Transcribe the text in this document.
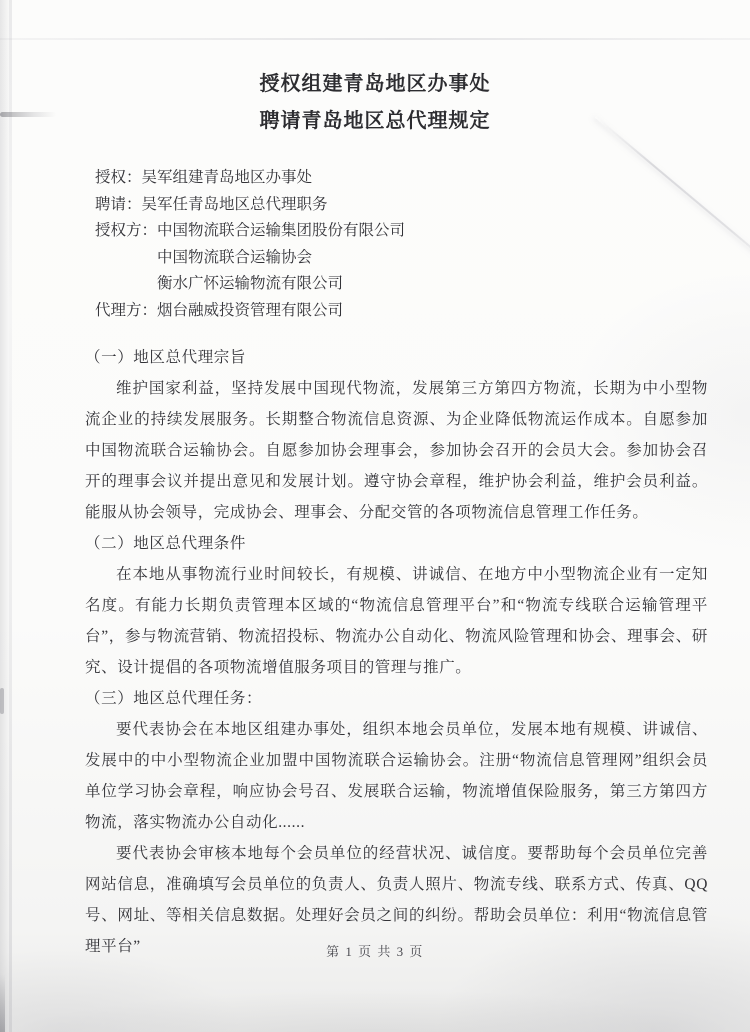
授权组建青岛地区办事处
聘请青岛地区总代理规定
授权：吴军组建青岛地区办事处
聘请：吴军任青岛地区总代理职务
授权方：中国物流联合运输集团股份有限公司
中国物流联合运输协会
衡水广怀运输物流有限公司
代理方：烟台融威投资管理有限公司
（一）地区总代理宗旨

维护国家利益，坚持发展中国现代物流，发展第三方第四方物流，长期为中小型物流企业的持续发展服务。长期整合物流信息资源、为企业降低物流运作成本。自愿参加中国物流联合运输协会。自愿参加协会理事会，参加协会召开的会员大会。参加协会召开的理事会议并提出意见和发展计划。遵守协会章程，维护协会利益，维护会员利益。能服从协会领导，完成协会、理事会、分配交管的各项物流信息管理工作任务。

（二）地区总代理条件

在本地从事物流行业时间较长，有规模、讲诚信、在地方中小型物流企业有一定知名度。有能力长期负责管理本区域的“物流信息管理平台”和“物流专线联合运输管理平台”，参与物流营销、物流招投标、物流办公自动化、物流风险管理和协会、理事会、研究、设计提倡的各项物流增值服务项目的管理与推广。

（三）地区总代理任务：

要代表协会在本地区组建办事处，组织本地会员单位，发展本地有规模、讲诚信、发展中的中小型物流企业加盟中国物流联合运输协会。注册“物流信息管理网”组织会员单位学习协会章程，响应协会号召、发展联合运输，物流增值保险服务，第三方第四方物流，落实物流办公自动化......

要代表协会审核本地每个会员单位的经营状况、诚信度。要帮助每个会员单位完善网站信息，准确填写会员单位的负责人、负责人照片、物流专线、联系方式、传真、QQ 号、网址、等相关信息数据。处理好会员之间的纠纷。帮助会员单位：利用“物流信息管理平台”	第 1 页 共 3 页
